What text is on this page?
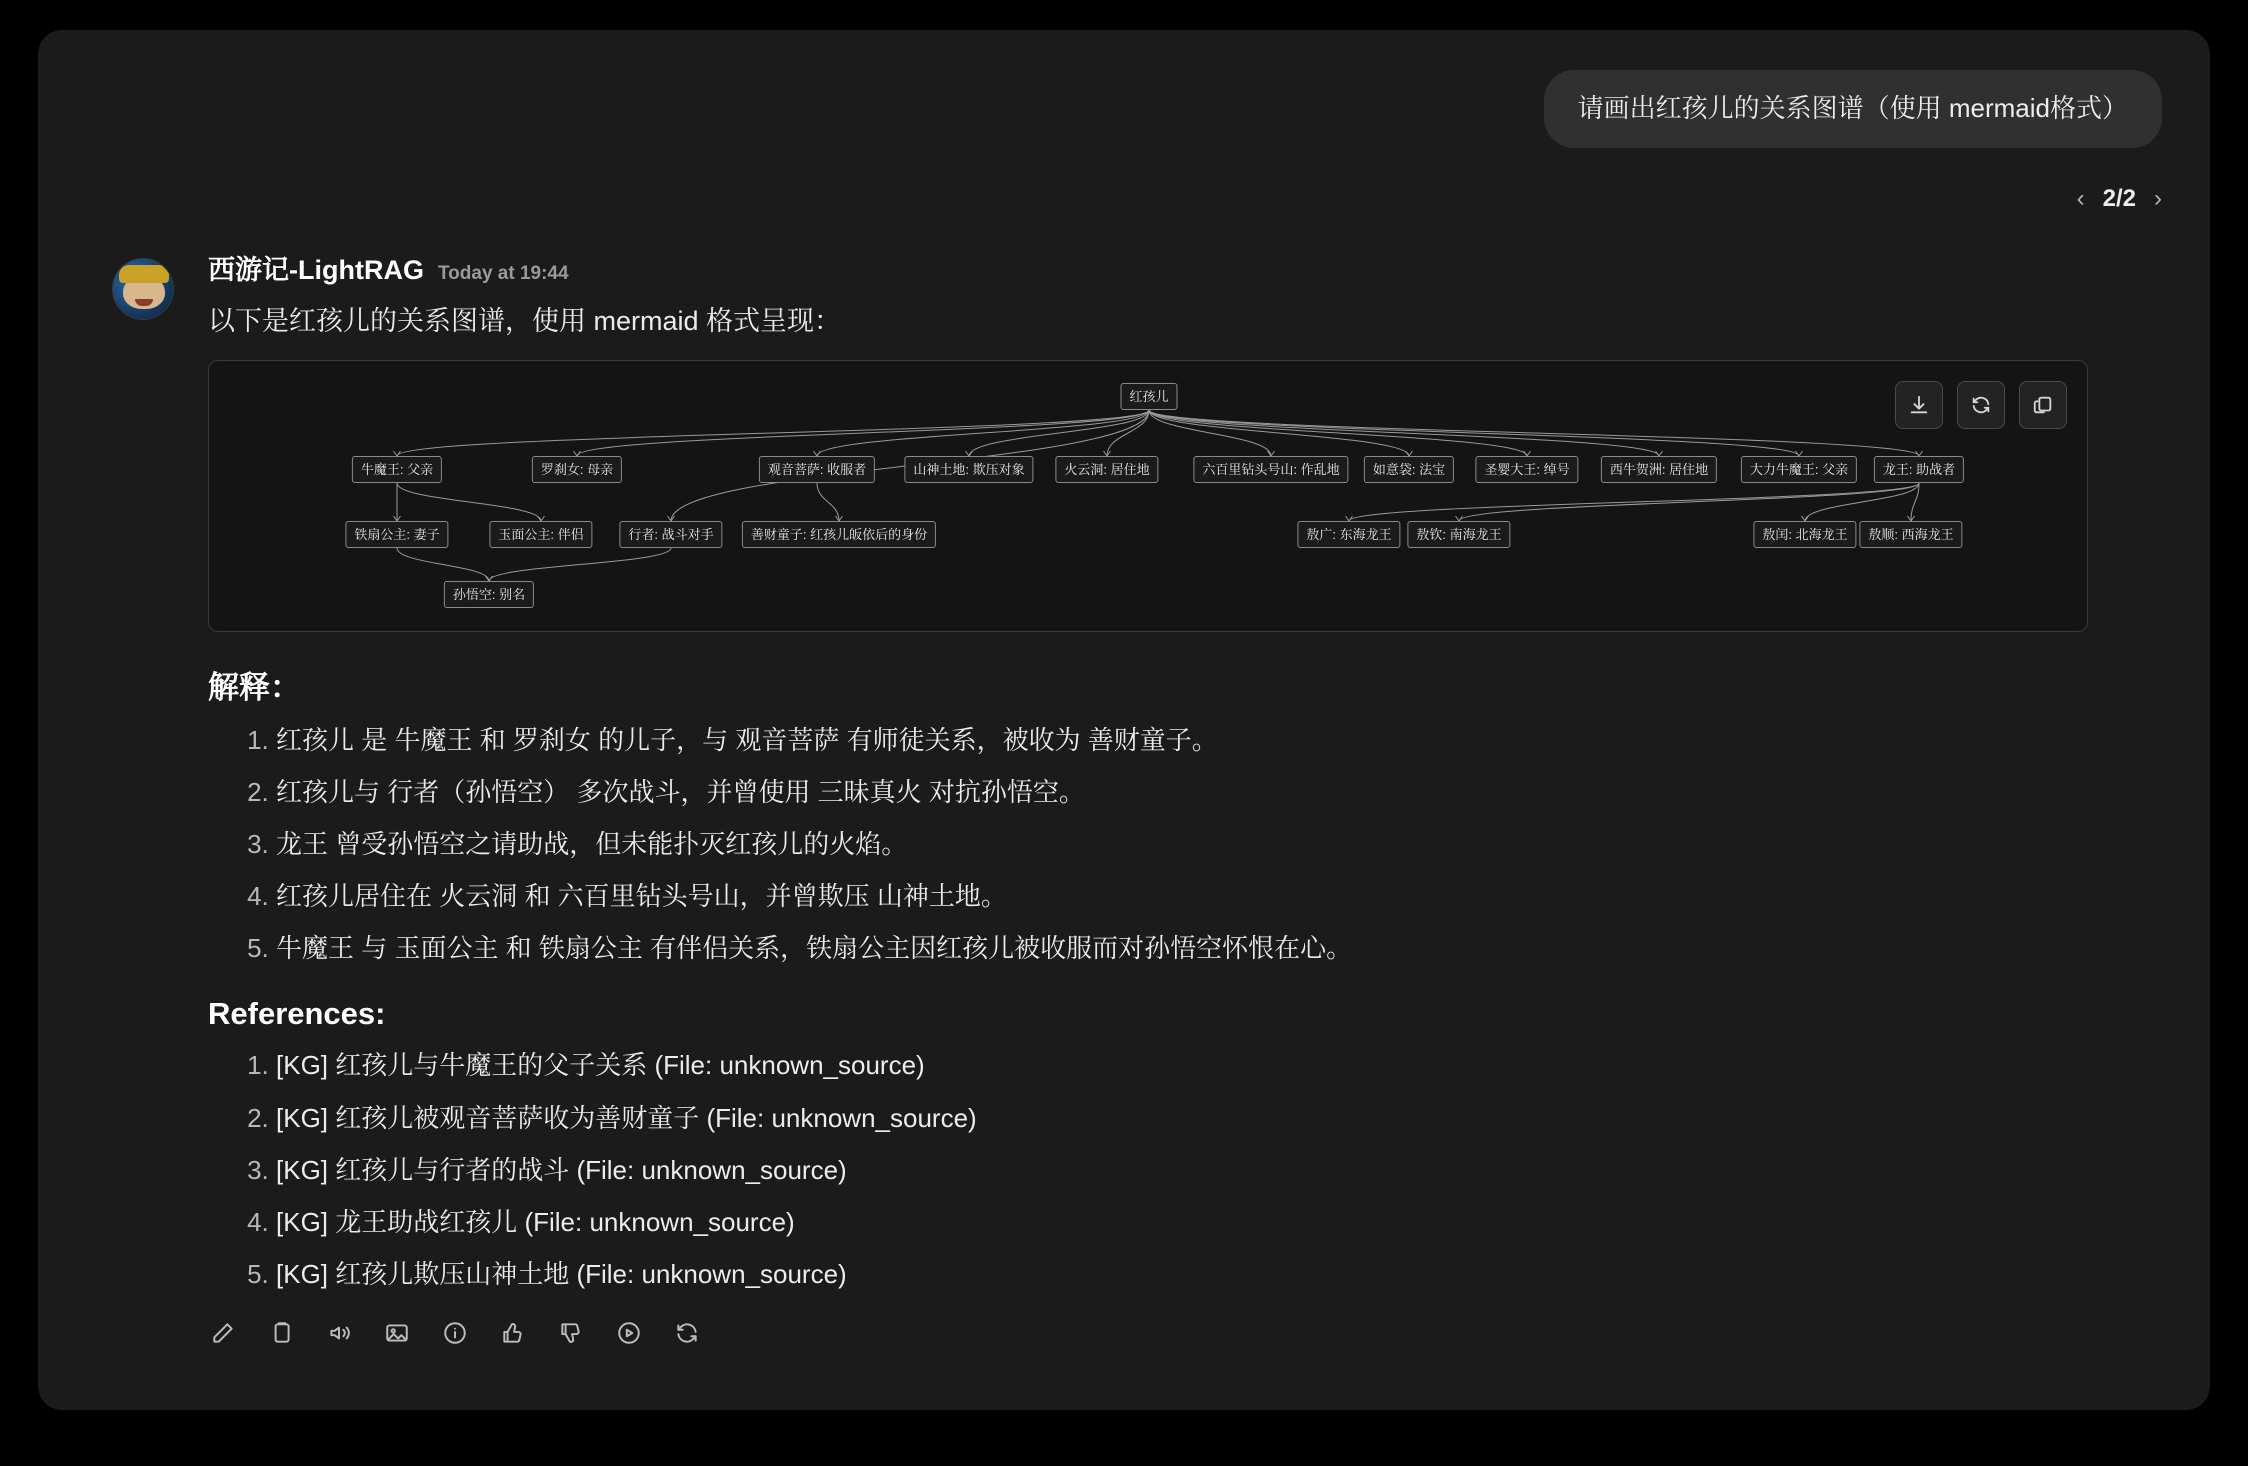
请画出红孩儿的关系图谱（使用 mermaid格式）
‹ 2/2 ›
西游记-LightRAG Today at 19:44
以下是红孩儿的关系图谱，使用 mermaid 格式呈现：
红孩儿
牛魔王: 父亲	罗刹女: 母亲	观音菩萨: 收服者	山神土地: 欺压对象	火云洞: 居住地	六百里钻头号山: 作乱地	如意袋: 法宝	圣婴大王: 绰号	西牛贺洲: 居住地	大力牛魔王: 父亲	龙王: 助战者
铁扇公主: 妻子	玉面公主: 伴侣	行者: 战斗对手	善财童子: 红孩儿皈依后的身份	敖广: 东海龙王	敖钦: 南海龙王	敖闰: 北海龙王	敖顺: 西海龙王
孙悟空: 别名
解释：
1. 红孩儿 是 牛魔王 和 罗刹女 的儿子，与 观音菩萨 有师徒关系，被收为 善财童子。
2. 红孩儿与 行者（孙悟空） 多次战斗，并曾使用 三昧真火 对抗孙悟空。
3. 龙王 曾受孙悟空之请助战，但未能扑灭红孩儿的火焰。
4. 红孩儿居住在 火云洞 和 六百里钻头号山，并曾欺压 山神土地。
5. 牛魔王 与 玉面公主 和 铁扇公主 有伴侣关系，铁扇公主因红孩儿被收服而对孙悟空怀恨在心。
References:
1. [KG] 红孩儿与牛魔王的父子关系 (File: unknown_source)
2. [KG] 红孩儿被观音菩萨收为善财童子 (File: unknown_source)
3. [KG] 红孩儿与行者的战斗 (File: unknown_source)
4. [KG] 龙王助战红孩儿 (File: unknown_source)
5. [KG] 红孩儿欺压山神土地 (File: unknown_source)
